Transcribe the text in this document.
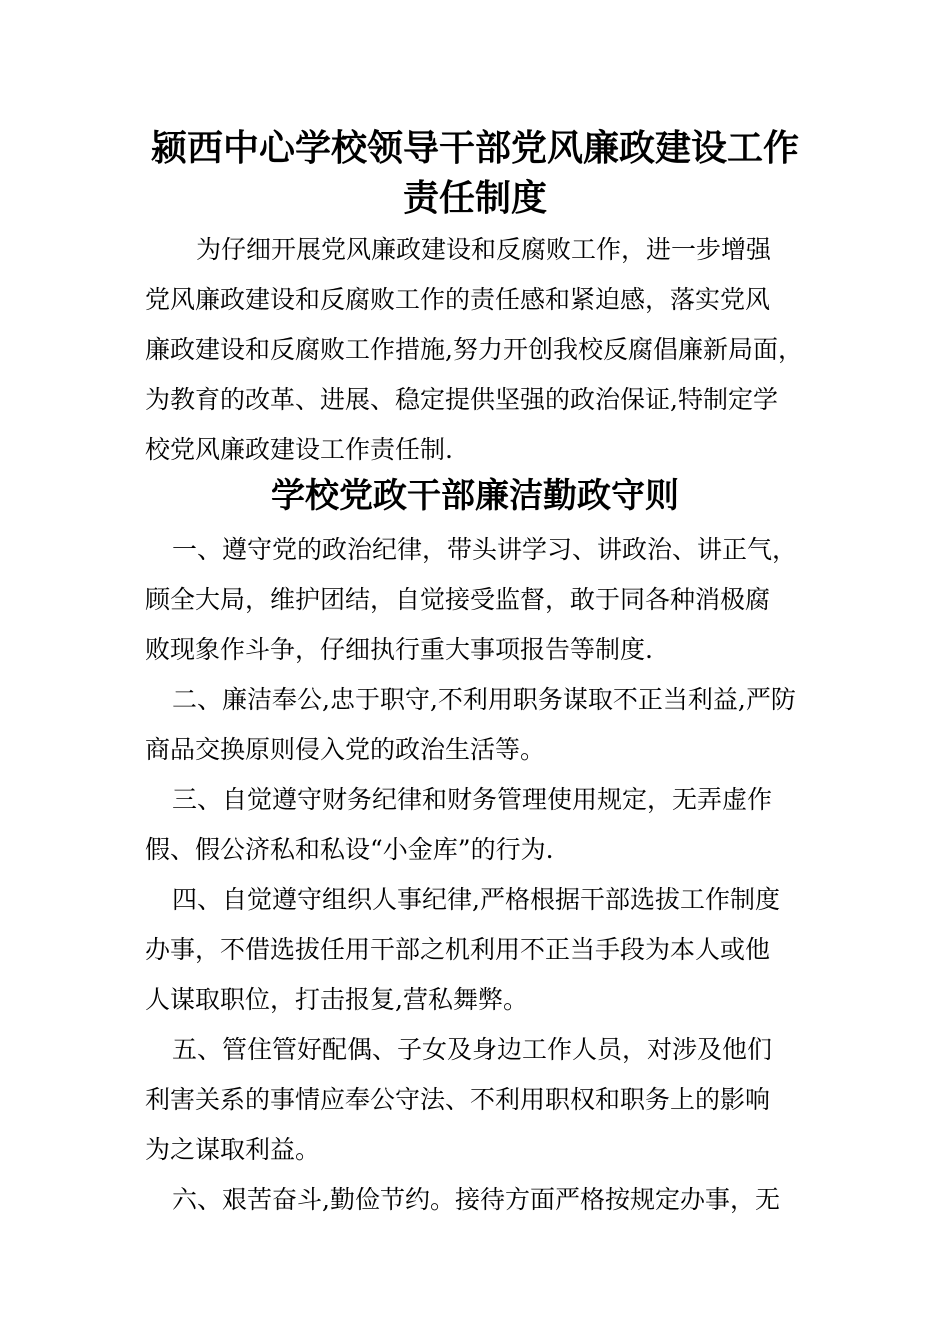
颍西中心学校领导干部党风廉政建设工作
责任制度
为仔细开展党风廉政建设和反腐败工作，进一步增强
党风廉政建设和反腐败工作的责任感和紧迫感，落实党风
廉政建设和反腐败工作措施,努力开创我校反腐倡廉新局面，
为教育的改革、进展、稳定提供坚强的政治保证,特制定学
校党风廉政建设工作责任制.
学校党政干部廉洁勤政守则
一、遵守党的政治纪律，带头讲学习、讲政治、讲正气，
顾全大局，维护团结，自觉接受监督，敢于同各种消极腐
败现象作斗争，仔细执行重大事项报告等制度.
二、廉洁奉公,忠于职守,不利用职务谋取不正当利益,严防
商品交换原则侵入党的政治生活等。
三、自觉遵守财务纪律和财务管理使用规定，无弄虚作
假、假公济私和私设“小金库”的行为.
四、自觉遵守组织人事纪律,严格根据干部选拔工作制度
办事，不借选拔任用干部之机利用不正当手段为本人或他
人谋取职位，打击报复,营私舞弊。
五、管住管好配偶、子女及身边工作人员，对涉及他们
利害关系的事情应奉公守法、不利用职权和职务上的影响
为之谋取利益。
六、艰苦奋斗,勤俭节约。接待方面严格按规定办事，无
